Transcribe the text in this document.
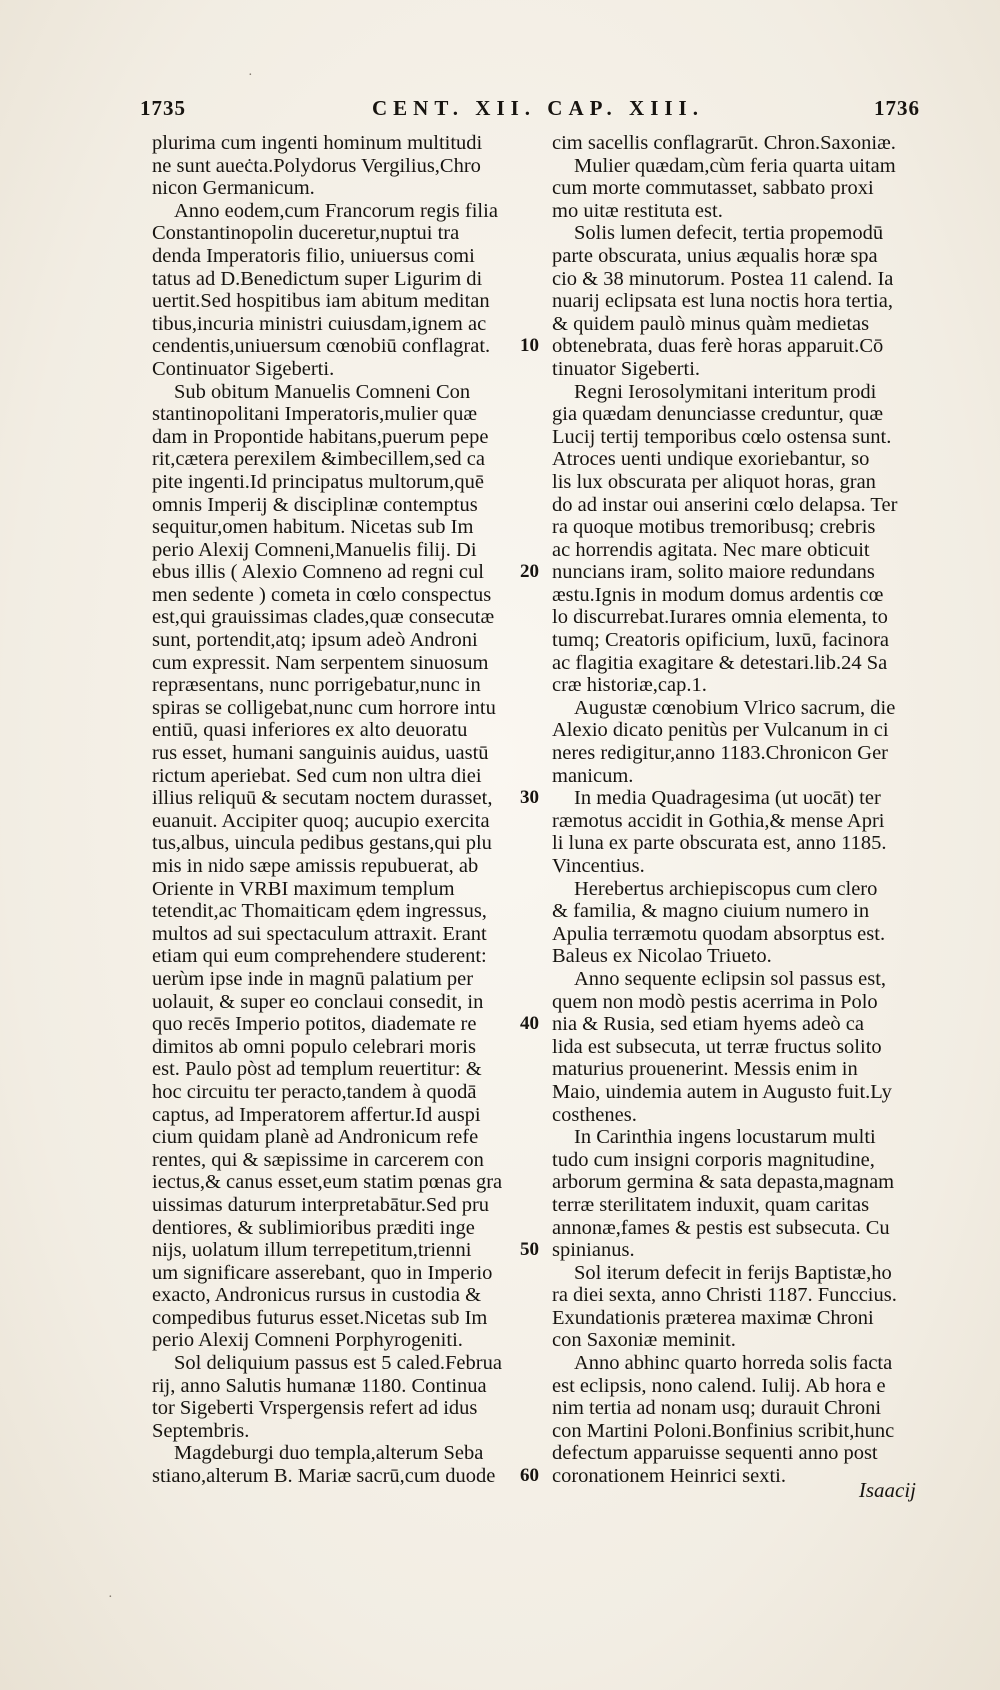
1735	CENT. XII. CAP. XIII.	1736
plurima cum ingenti hominum multitudi
ne sunt aueċta.Polydorus Vergilius,Chro
nicon Germanicum.
Anno eodem,cum Francorum regis filia
Constantinopolin duceretur,nuptui tra
denda Imperatoris filio, uniuersus comi
tatus ad D.Benedictum super Ligurim di
uertit.Sed hospitibus iam abitum meditan
tibus,incuria ministri cuiusdam,ignem ac
cendentis,uniuersum cœnobiū conflagrat.
Continuator Sigeberti.
Sub obitum Manuelis Comneni Con
stantinopolitani Imperatoris,mulier quæ
dam in Propontide habitans,puerum pepe
rit,cætera perexilem &imbecillem,sed ca
pite ingenti.Id principatus multorum,quē
omnis Imperij & disciplinæ contemptus
sequitur,omen habitum. Nicetas sub Im
perio Alexij Comneni,Manuelis filij. Di
ebus illis ( Alexio Comneno ad regni cul
men sedente ) cometa in cœlo conspectus
est,qui grauissimas clades,quæ consecutæ
sunt, portendit,atq; ipsum adeò Androni
cum expressit. Nam serpentem sinuosum
repræsentans, nunc porrigebatur,nunc in
spiras se colligebat,nunc cum horrore intu
entiū, quasi inferiores ex alto deuoratu
rus esset, humani sanguinis auidus, uastū
rictum aperiebat. Sed cum non ultra diei
illius reliquū & secutam noctem durasset,
euanuit. Accipiter quoq; aucupio exercita
tus,albus, uincula pedibus gestans,qui plu
mis in nido sæpe amissis repubuerat, ab
Oriente in VRBI maximum templum
tetendit,ac Thomaiticam ędem ingressus,
multos ad sui spectaculum attraxit. Erant
etiam qui eum comprehendere studerent:
uerùm ipse inde in magnū palatium per
uolauit, & super eo conclaui consedit, in
quo recēs Imperio potitos, diademate re
dimitos ab omni populo celebrari moris
est. Paulo pòst ad templum reuertitur: &
hoc circuitu ter peracto,tandem à quodā
captus, ad Imperatorem affertur.Id auspi
cium quidam planè ad Andronicum refe
rentes, qui & sæpissime in carcerem con
iectus,& canus esset,eum statim pœnas gra
uissimas daturum interpretabātur.Sed pru
dentiores, & sublimioribus præditi inge
nijs, uolatum illum terrepetitum,trienni
um significare asserebant, quo in Imperio
exacto, Andronicus rursus in custodia &
compedibus futurus esset.Nicetas sub Im
perio Alexij Comneni Porphyrogeniti.
Sol deliquium passus est 5 caled.Februa
rij, anno Salutis humanæ 1180. Continua
tor Sigeberti Vrspergensis refert ad idus
Septembris.
Magdeburgi duo templa,alterum Seba
stiano,alterum B. Mariæ sacrū,cum duode
10
20
30
40
50
60
cim sacellis conflagrarūt. Chron.Saxoniæ.
Mulier quædam,cùm feria quarta uitam
cum morte commutasset, sabbato proxi
mo uitæ restituta est.
Solis lumen defecit, tertia propemodū
parte obscurata, unius æqualis horæ spa
cio & 38 minutorum. Postea 11 calend. Ia
nuarij eclipsata est luna noctis hora tertia,
& quidem paulò minus quàm medietas
obtenebrata, duas ferè horas apparuit.Cō
tinuator Sigeberti.
Regni Ierosolymitani interitum prodi
gia quædam denunciasse creduntur, quæ
Lucij tertij temporibus cœlo ostensa sunt.
Atroces uenti undique exoriebantur, so
lis lux obscurata per aliquot horas, gran
do ad instar oui anserini cœlo delapsa. Ter
ra quoque motibus tremoribusq; crebris
ac horrendis agitata. Nec mare obticuit
nuncians iram, solito maiore redundans
æstu.Ignis in modum domus ardentis cœ
lo discurrebat.Iurares omnia elementa, to
tumq; Creatoris opificium, luxū, facinora
ac flagitia exagitare & detestari.lib.24 Sa
cræ historiæ,cap.1.
Augustæ cœnobium Vlrico sacrum, die
Alexio dicato penitùs per Vulcanum in ci
neres redigitur,anno 1183.Chronicon Ger
manicum.
In media Quadragesima (ut uocāt) ter
ræmotus accidit in Gothia,& mense Apri
li luna ex parte obscurata est, anno 1185.
Vincentius.
Herebertus archiepiscopus cum clero
& familia, & magno ciuium numero in
Apulia terræmotu quodam absorptus est.
Baleus ex Nicolao Triueto.
Anno sequente eclipsin sol passus est,
quem non modò pestis acerrima in Polo
nia & Rusia, sed etiam hyems adeò ca
lida est subsecuta, ut terræ fructus solito
maturius prouenerint. Messis enim in
Maio, uindemia autem in Augusto fuit.Ly
costhenes.
In Carinthia ingens locustarum multi
tudo cum insigni corporis magnitudine,
arborum germina & sata depasta,magnam
terræ sterilitatem induxit, quam caritas
annonæ,fames & pestis est subsecuta. Cu
spinianus.
Sol iterum defecit in ferijs Baptistæ,ho
ra diei sexta, anno Christi 1187. Funccius.
Exundationis præterea maximæ Chroni
con Saxoniæ meminit.
Anno abhinc quarto horreda solis facta
est eclipsis, nono calend. Iulij. Ab hora e
nim tertia ad nonam usq; durauit Chroni
con Martini Poloni.Bonfinius scribit,hunc
defectum apparuisse sequenti anno post
coronationem Heinrici sexti.
Isaacij
·
·
